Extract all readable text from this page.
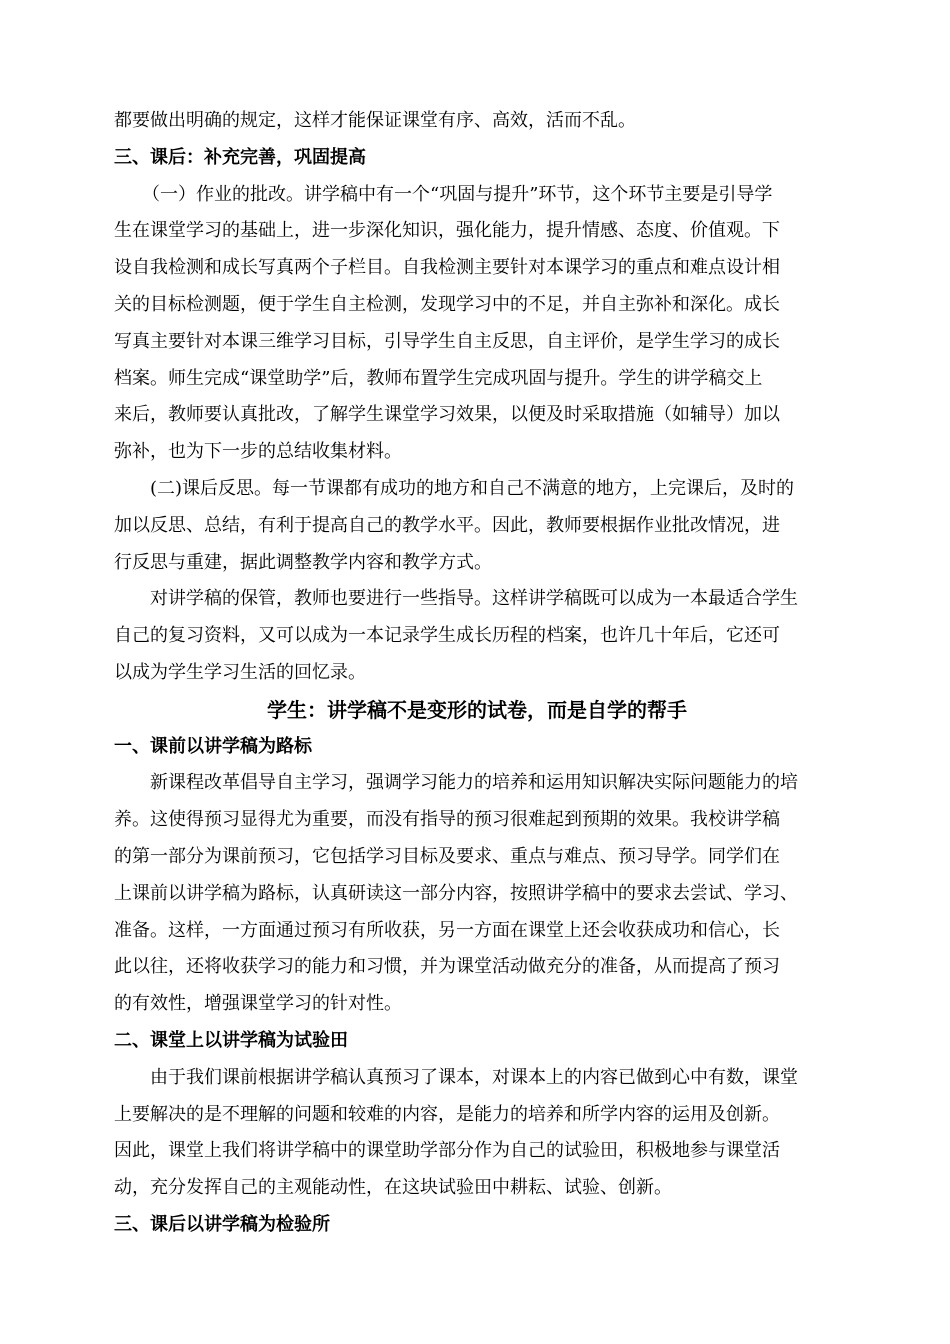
都要做出明确的规定，这样才能保证课堂有序、高效，活而不乱。

三、课后：补充完善，巩固提高

（一）作业的批改。讲学稿中有一个“巩固与提升”环节，这个环节主要是引导学

生在课堂学习的基础上，进一步深化知识，强化能力，提升情感、态度、价值观。下

设自我检测和成长写真两个子栏目。自我检测主要针对本课学习的重点和难点设计相

关的目标检测题，便于学生自主检测，发现学习中的不足，并自主弥补和深化。成长

写真主要针对本课三维学习目标，引导学生自主反思，自主评价，是学生学习的成长

档案。师生完成“课堂助学”后，教师布置学生完成巩固与提升。学生的讲学稿交上

来后，教师要认真批改，了解学生课堂学习效果，以便及时采取措施（如辅导）加以

弥补，也为下一步的总结收集材料。

(二)课后反思。每一节课都有成功的地方和自己不满意的地方，上完课后，及时的

加以反思、总结，有利于提高自己的教学水平。因此，教师要根据作业批改情况，进

行反思与重建，据此调整教学内容和教学方式。

对讲学稿的保管，教师也要进行一些指导。这样讲学稿既可以成为一本最适合学生

自己的复习资料，又可以成为一本记录学生成长历程的档案，也许几十年后，它还可

以成为学生学习生活的回忆录。

学生：讲学稿不是变形的试卷，而是自学的帮手

一、课前以讲学稿为路标

新课程改革倡导自主学习，强调学习能力的培养和运用知识解决实际问题能力的培

养。这使得预习显得尤为重要，而没有指导的预习很难起到预期的效果。我校讲学稿

的第一部分为课前预习，它包括学习目标及要求、重点与难点、预习导学。同学们在

上课前以讲学稿为路标，认真研读这一部分内容，按照讲学稿中的要求去尝试、学习、

准备。这样，一方面通过预习有所收获，另一方面在课堂上还会收获成功和信心，长

此以往，还将收获学习的能力和习惯，并为课堂活动做充分的准备，从而提高了预习

的有效性，增强课堂学习的针对性。

二、课堂上以讲学稿为试验田

由于我们课前根据讲学稿认真预习了课本，对课本上的内容已做到心中有数，课堂

上要解决的是不理解的问题和较难的内容，是能力的培养和所学内容的运用及创新。

因此，课堂上我们将讲学稿中的课堂助学部分作为自己的试验田，积极地参与课堂活

动，充分发挥自己的主观能动性，在这块试验田中耕耘、试验、创新。

三、课后以讲学稿为检验所
